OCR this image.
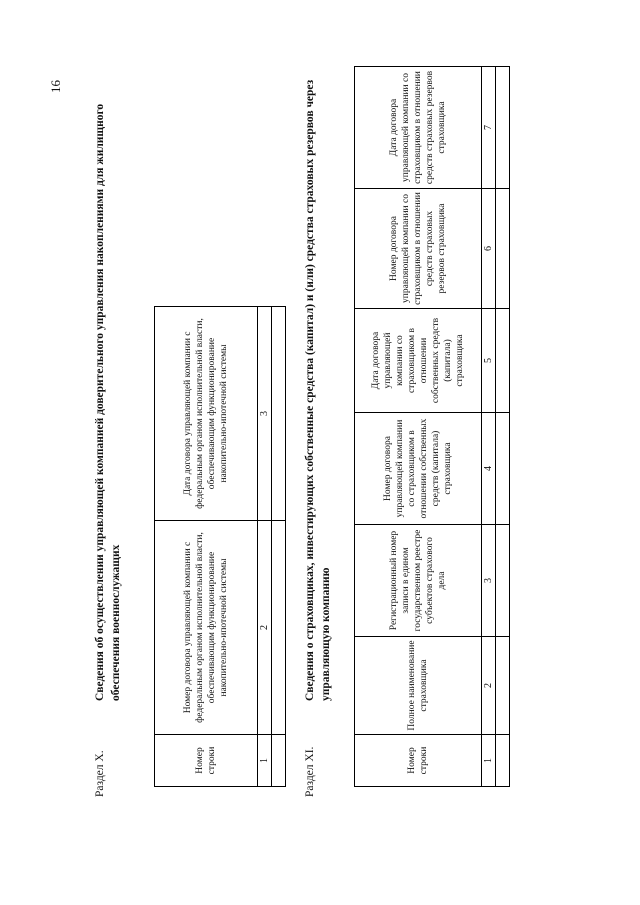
16
Раздел X.
Сведения об осуществлении управляющей компанией доверительного управления накоплениями для жилищного обеспечения военнослужащих
Номер строки	Номер договора управляющей компании с федеральным органом исполнительной власти, обеспечивающим функционирование накопительно-ипотечной системы	Дата договора управляющей компании с федеральным органом исполнительной власти, обеспечивающим функционирование накопительно-ипотечной системы
1	2	3

Раздел XI.
Сведения о страховщиках, инвестирующих собственные средства (капитал) и (или) средства страховых резервов через управляющую компанию
Номер строки	Полное наименование страховщика	Регистрационный номер записи в едином государственном реестре субъектов страхового дела	Номер договора управляющей компании со страховщиком в отношении собственных средств (капитала) страховщика	Дата договора управляющей компании со страховщиком в отношении собственных средств (капитала) страховщика	Номер договора управляющей компании со страховщиком в отношении средств страховых резервов страховщика	Дата договора управляющей компании со страховщиком в отношении средств страховых резервов страховщика
1	2	3	4	5	6	7
